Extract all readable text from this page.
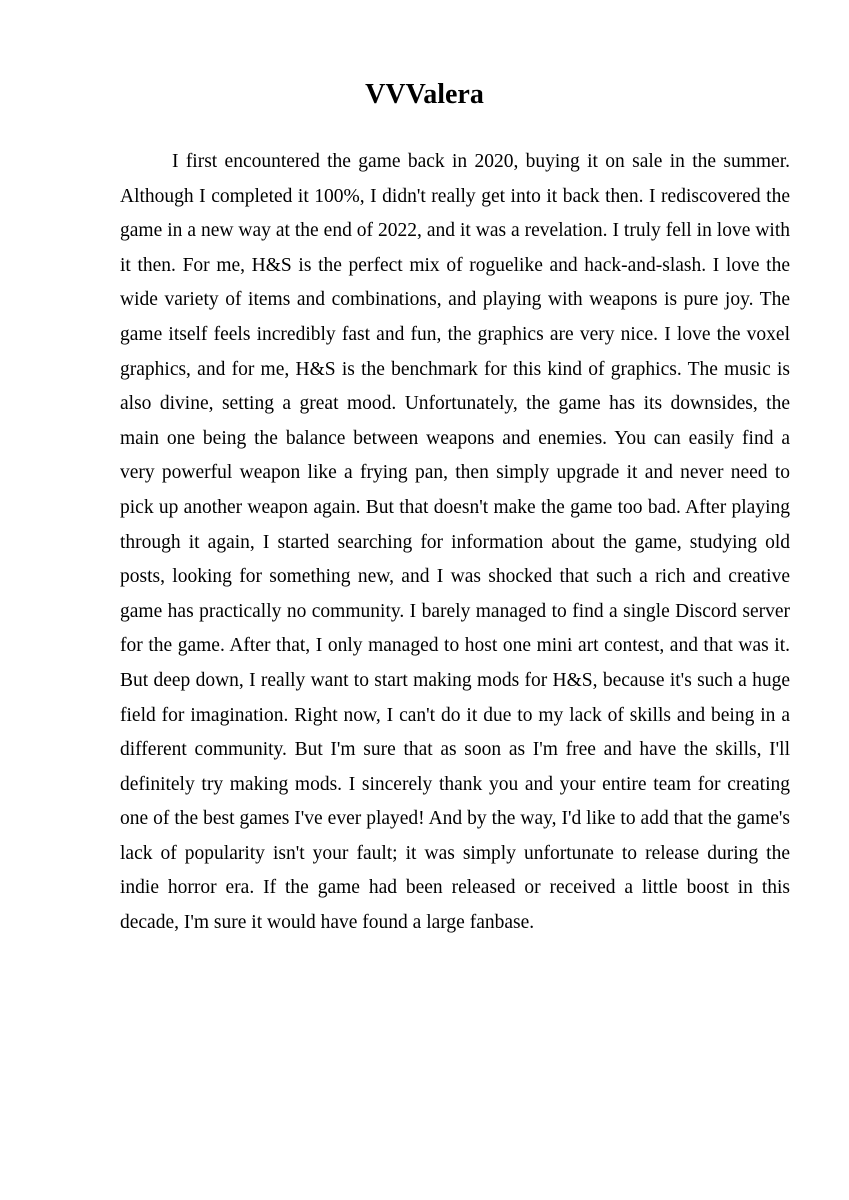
VVValera

I first encountered the game back in 2020, buying it on sale in the summer. Although I completed it 100%, I didn't really get into it back then. I rediscovered the game in a new way at the end of 2022, and it was a revelation. I truly fell in love with it then. For me, H&S is the perfect mix of roguelike and hack-and-slash. I love the wide variety of items and combinations, and playing with weapons is pure joy. The game itself feels incredibly fast and fun, the graphics are very nice. I love the voxel graphics, and for me, H&S is the benchmark for this kind of graphics. The music is also divine, setting a great mood. Unfortunately, the game has its downsides, the main one being the balance between weapons and enemies. You can easily find a very powerful weapon like a frying pan, then simply upgrade it and never need to pick up another weapon again. But that doesn't make the game too bad. After playing through it again, I started searching for information about the game, studying old posts, looking for something new, and I was shocked that such a rich and creative game has practically no community. I barely managed to find a single Discord server for the game. After that, I only managed to host one mini art contest, and that was it. But deep down, I really want to start making mods for H&S, because it's such a huge field for imagination. Right now, I can't do it due to my lack of skills and being in a different community. But I'm sure that as soon as I'm free and have the skills, I'll definitely try making mods. I sincerely thank you and your entire team for creating one of the best games I've ever played! And by the way, I'd like to add that the game's lack of popularity isn't your fault; it was simply unfortunate to release during the indie horror era. If the game had been released or received a little boost in this decade, I'm sure it would have found a large fanbase.
